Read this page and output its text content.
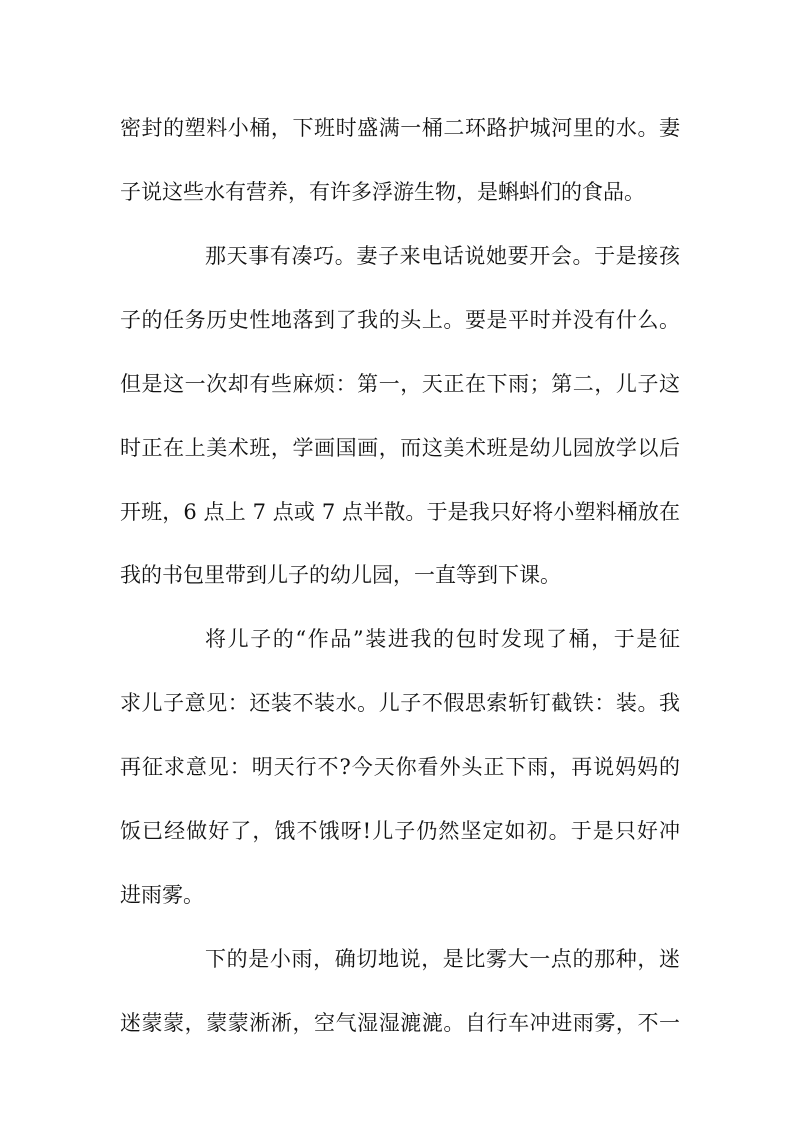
密封的塑料小桶，下班时盛满一桶二环路护城河里的水。妻
子说这些水有营养，有许多浮游生物，是蝌蚪们的食品。
那天事有凑巧。妻子来电话说她要开会。于是接孩
子的任务历史性地落到了我的头上。要是平时并没有什么。
但是这一次却有些麻烦：第一，天正在下雨；第二，儿子这
时正在上美术班，学画国画，而这美术班是幼儿园放学以后
开班，6 点上 7 点或 7 点半散。于是我只好将小塑料桶放在
我的书包里带到儿子的幼儿园，一直等到下课。
将儿子的“作品”装进我的包时发现了桶，于是征
求儿子意见：还装不装水。儿子不假思索斩钉截铁：装。我
再征求意见：明天行不?今天你看外头正下雨，再说妈妈的
饭已经做好了，饿不饿呀!儿子仍然坚定如初。于是只好冲
进雨雾。
下的是小雨，确切地说，是比雾大一点的那种，迷
迷蒙蒙，蒙蒙淅淅，空气湿湿漉漉。自行车冲进雨雾，不一
